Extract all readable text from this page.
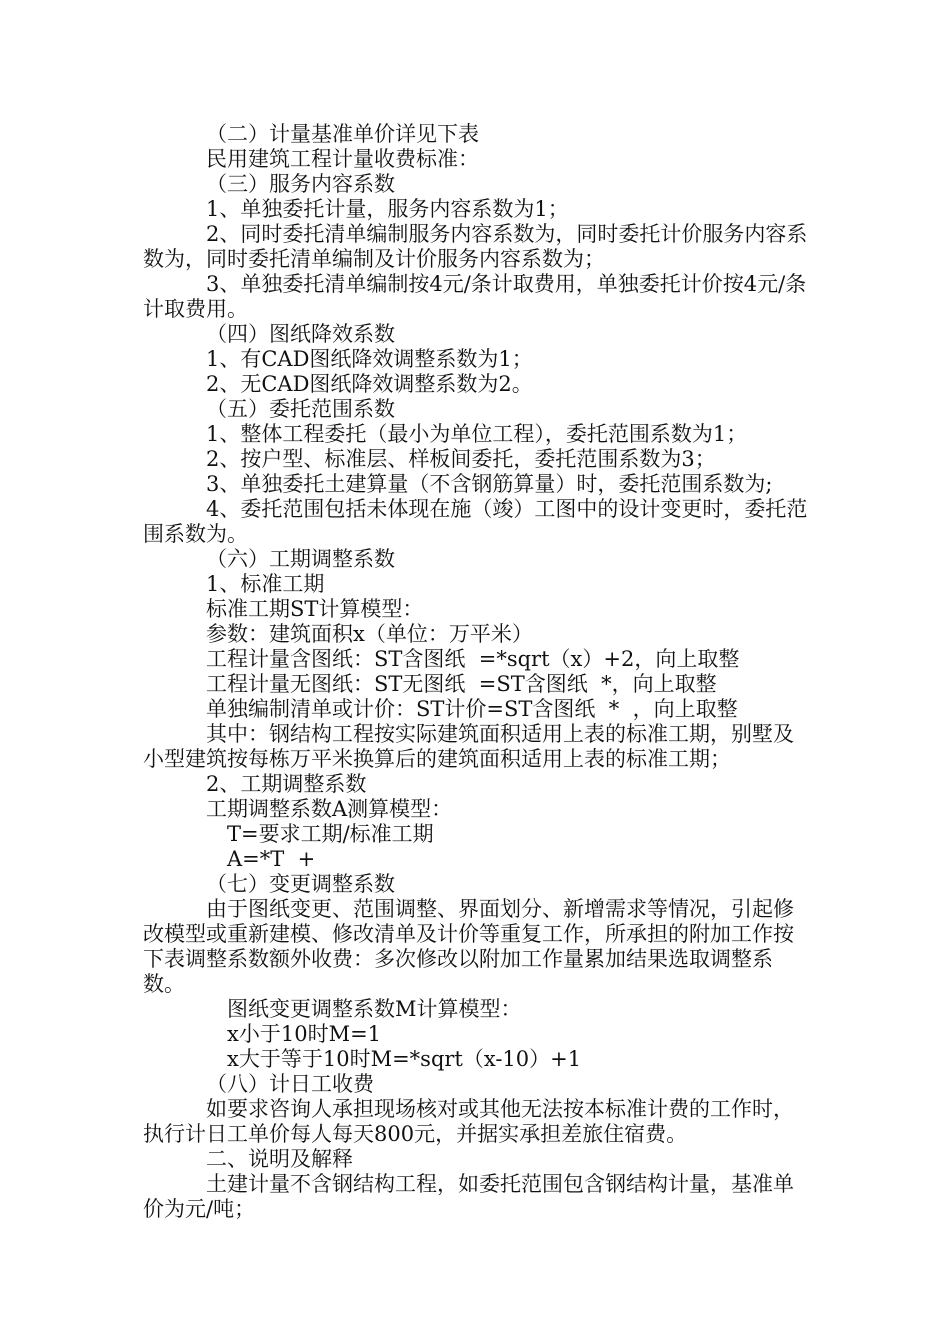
（二）计量基准单价详见下表

民用建筑工程计量收费标准：

（三）服务内容系数

1、单独委托计量，服务内容系数为1；

2、同时委托清单编制服务内容系数为，同时委托计价服务内容系数为，同时委托清单编制及计价服务内容系数为；

3、单独委托清单编制按4元/条计取费用，单独委托计价按4元/条计取费用。

（四）图纸降效系数

1、有CAD图纸降效调整系数为1；

2、无CAD图纸降效调整系数为2。

（五）委托范围系数

1、整体工程委托（最小为单位工程），委托范围系数为1；

2、按户型、标准层、样板间委托，委托范围系数为3；

3、单独委托土建算量（不含钢筋算量）时，委托范围系数为;

4、委托范围包括未体现在施（竣）工图中的设计变更时，委托范围系数为。

（六）工期调整系数

1、标准工期

标准工期ST计算模型：

参数：建筑面积x（单位：万平米）

工程计量含图纸：ST含图纸  =*sqrt（x）+2，向上取整

工程计量无图纸：ST无图纸  =ST含图纸  *，向上取整

单独编制清单或计价：ST计价=ST含图纸  *  ，向上取整

其中：钢结构工程按实际建筑面积适用上表的标准工期，别墅及小型建筑按每栋万平米换算后的建筑面积适用上表的标准工期；

2、工期调整系数

工期调整系数A测算模型：

T=要求工期/标准工期

A=*T  +

（七）变更调整系数

由于图纸变更、范围调整、界面划分、新增需求等情况，引起修改模型或重新建模、修改清单及计价等重复工作，所承担的附加工作按下表调整系数额外收费：多次修改以附加工作量累加结果选取调整系数。

图纸变更调整系数M计算模型：

x小于10时M=1

x大于等于10时M=*sqrt（x-10）+1

（八）计日工收费

如要求咨询人承担现场核对或其他无法按本标准计费的工作时，执行计日工单价每人每天800元，并据实承担差旅住宿费。

二、说明及解释

土建计量不含钢结构工程，如委托范围包含钢结构计量，基准单价为元/吨；
